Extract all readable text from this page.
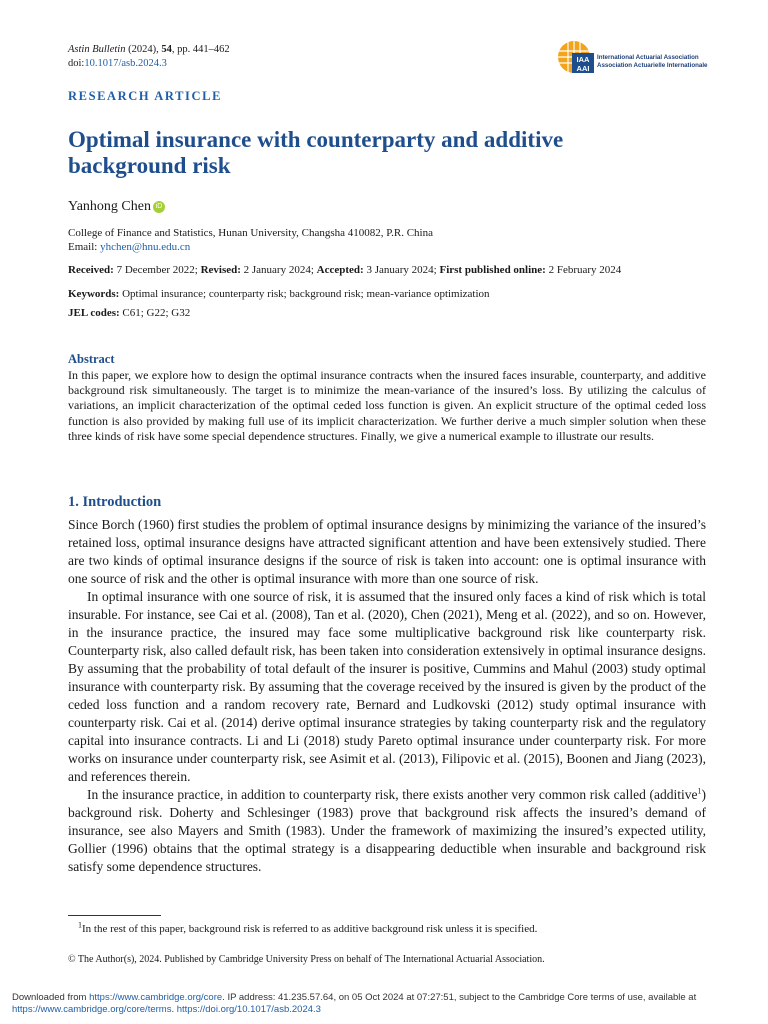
Astin Bulletin (2024), 54, pp. 441–462
doi:10.1017/asb.2024.3	IAA
AAI
International Actuarial Association
Association Actuarielle Internationale
RESEARCH ARTICLE
Optimal insurance with counterparty and additive background risk
Yanhong Chen iD
College of Finance and Statistics, Hunan University, Changsha 410082, P.R. China
Email: yhchen@hnu.edu.cn
Received: 7 December 2022; Revised: 2 January 2024; Accepted: 3 January 2024; First published online: 2 February 2024
Keywords: Optimal insurance; counterparty risk; background risk; mean-variance optimization
JEL codes: C61; G22; G32
Abstract

In this paper, we explore how to design the optimal insurance contracts when the insured faces insurable, counterparty, and additive background risk simultaneously. The target is to minimize the mean-variance of the insured’s loss. By utilizing the calculus of variations, an implicit characterization of the optimal ceded loss function is given. An explicit structure of the optimal ceded loss function is also provided by making full use of its implicit characterization. We further derive a much simpler solution when these three kinds of risk have some special dependence structures. Finally, we give a numerical example to illustrate our results.

1. Introduction

Since Borch (1960) first studies the problem of optimal insurance designs by minimizing the variance of the insured’s retained loss, optimal insurance designs have attracted significant attention and have been extensively studied. There are two kinds of optimal insurance designs if the source of risk is taken into account: one is optimal insurance with one source of risk and the other is optimal insurance with more than one source of risk.

In optimal insurance with one source of risk, it is assumed that the insured only faces a kind of risk which is total insurable. For instance, see Cai et al. (2008), Tan et al. (2020), Chen (2021), Meng et al. (2022), and so on. However, in the insurance practice, the insured may face some multiplicative background risk like counterparty risk. Counterparty risk, also called default risk, has been taken into consideration extensively in optimal insurance designs. By assuming that the probability of total default of the insurer is positive, Cummins and Mahul (2003) study optimal insurance with counterparty risk. By assuming that the coverage received by the insured is given by the product of the ceded loss function and a random recovery rate, Bernard and Ludkovski (2012) study optimal insurance with counterparty risk. Cai et al. (2014) derive optimal insurance strategies by taking counterparty risk and the regulatory capital into insurance contracts. Li and Li (2018) study Pareto optimal insurance under counterparty risk. For more works on insurance under counterparty risk, see Asimit et al. (2013), Filipovic et al. (2015), Boonen and Jiang (2023), and references therein.

In the insurance practice, in addition to counterparty risk, there exists another very common risk called (additive$^1$) background risk. Doherty and Schlesinger (1983) prove that background risk affects the insured’s demand of insurance, see also Mayers and Smith (1983). Under the framework of maximizing the insured’s expected utility, Gollier (1996) obtains that the optimal strategy is a disappearing deductible when insurable and background risk satisfy some dependence structures.

$^1$In the rest of this paper, background risk is referred to as additive background risk unless it is specified.
© The Author(s), 2024. Published by Cambridge University Press on behalf of The International Actuarial Association.
Downloaded from https://www.cambridge.org/core. IP address: 41.235.57.64, on 05 Oct 2024 at 07:27:51, subject to the Cambridge Core terms of use, available at
https://www.cambridge.org/core/terms. https://doi.org/10.1017/asb.2024.3
